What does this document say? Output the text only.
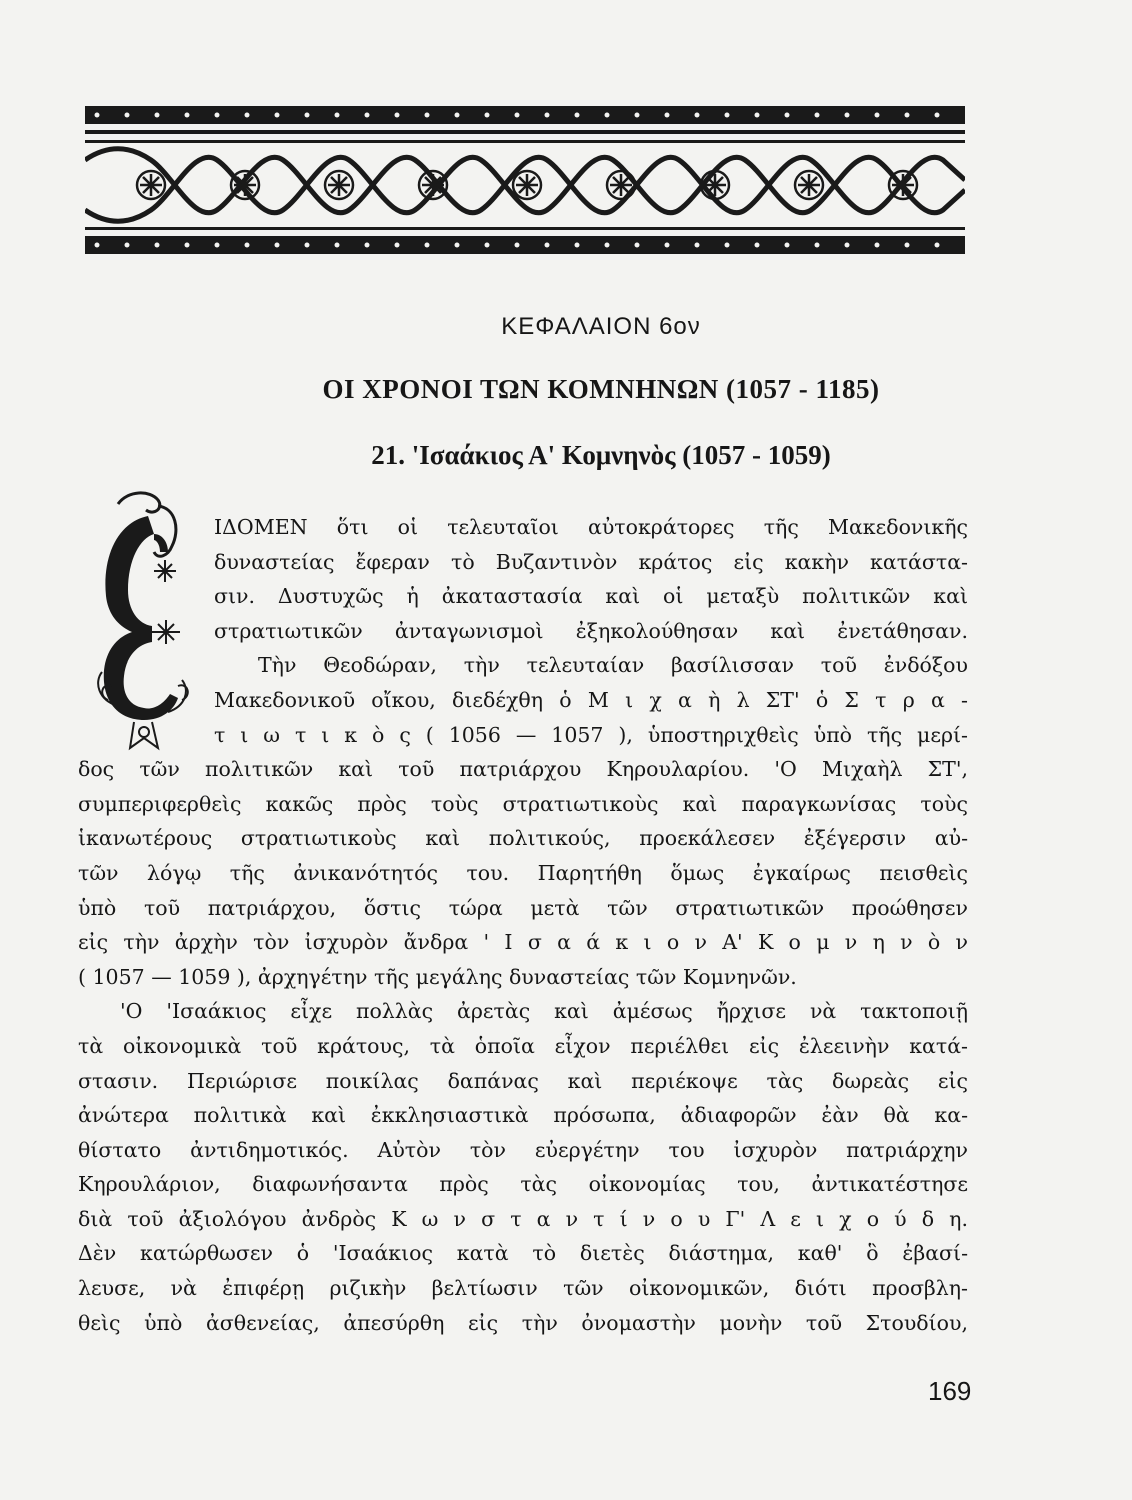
ΚΕΦΑΛΑΙΟΝ 6ον
ΟΙ ΧΡΟΝΟΙ ΤΩΝ ΚΟΜΝΗΝΩΝ (1057 - 1185)
21. 'Ισαάκιος Α' Κομνηνὸς (1057 - 1059)
ΙΔΟΜΕΝ ὅτι οἱ τελευταῖοι αὐτοκράτορες τῆς Μακεδονικῆς
δυναστείας ἔφεραν τὸ Βυζαντινὸν κράτος εἰς κακὴν κατάστα-
σιν. Δυστυχῶς ἡ ἀκαταστασία καὶ οἱ μεταξὺ πολιτικῶν καὶ
στρατιωτικῶν ἀνταγωνισμοὶ ἐξηκολούθησαν καὶ ἐνετάθησαν.
Τὴν Θεοδώραν, τὴν τελευταίαν βασίλισσαν τοῦ ἐνδόξου
Μακεδονικοῦ οἴκου, διεδέχθη ὁ Μ ι χ α ὴ λ ΣΤ' ὁ Σ τ ρ α -
τ ι ω τ ι κ ὸ ς ( 1056 — 1057 ), ὑποστηριχθεὶς ὑπὸ τῆς μερί-
δος τῶν πολιτικῶν καὶ τοῦ πατριάρχου Κηρουλαρίου. 'Ο Μιχαὴλ ΣΤ',
συμπεριφερθεὶς κακῶς πρὸς τοὺς στρατιωτικοὺς καὶ παραγκωνίσας τοὺς
ἱκανωτέρους στρατιωτικοὺς καὶ πολιτικούς, προεκάλεσεν ἐξέγερσιν αὐ-
τῶν λόγῳ τῆς ἀνικανότητός του. Παρητήθη ὅμως ἐγκαίρως πεισθεὶς
ὑπὸ τοῦ πατριάρχου, ὅστις τώρα μετὰ τῶν στρατιωτικῶν προώθησεν
εἰς τὴν ἀρχὴν τὸν ἰσχυρὸν ἄνδρα ' Ι σ α ά κ ι ο ν Α' Κ ο μ ν η ν ὸ ν
( 1057 — 1059 ), ἀρχηγέτην τῆς μεγάλης δυναστείας τῶν Κομνηνῶν.
'Ο 'Ισαάκιος εἶχε πολλὰς ἀρετὰς καὶ ἀμέσως ἤρχισε νὰ τακτοποιῇ
τὰ οἰκονομικὰ τοῦ κράτους, τὰ ὁποῖα εἶχον περιέλθει εἰς ἐλεεινὴν κατά-
στασιν. Περιώρισε ποικίλας δαπάνας καὶ περιέκοψε τὰς δωρεὰς εἰς
ἀνώτερα πολιτικὰ καὶ ἐκκλησιαστικὰ πρόσωπα, ἀδιαφορῶν ἐὰν θὰ κα-
θίστατο ἀντιδημοτικός. Αὐτὸν τὸν εὐεργέτην του ἰσχυρὸν πατριάρχην
Κηρουλάριον, διαφωνήσαντα πρὸς τὰς οἰκονομίας του, ἀντικατέστησε
διὰ τοῦ ἀξιολόγου ἀνδρὸς Κ ω ν σ τ α ν τ ί ν ο υ Γ' Λ ε ι χ ο ύ δ η.
Δὲν κατώρθωσεν ὁ 'Ισαάκιος κατὰ τὸ διετὲς διάστημα, καθ' ὃ ἐβασί-
λευσε, νὰ ἐπιφέρῃ ριζικὴν βελτίωσιν τῶν οἰκονομικῶν, διότι προσβλη-
θεὶς ὑπὸ ἀσθενείας, ἀπεσύρθη εἰς τὴν ὀνομαστὴν μονὴν τοῦ Στουδίου,
169
